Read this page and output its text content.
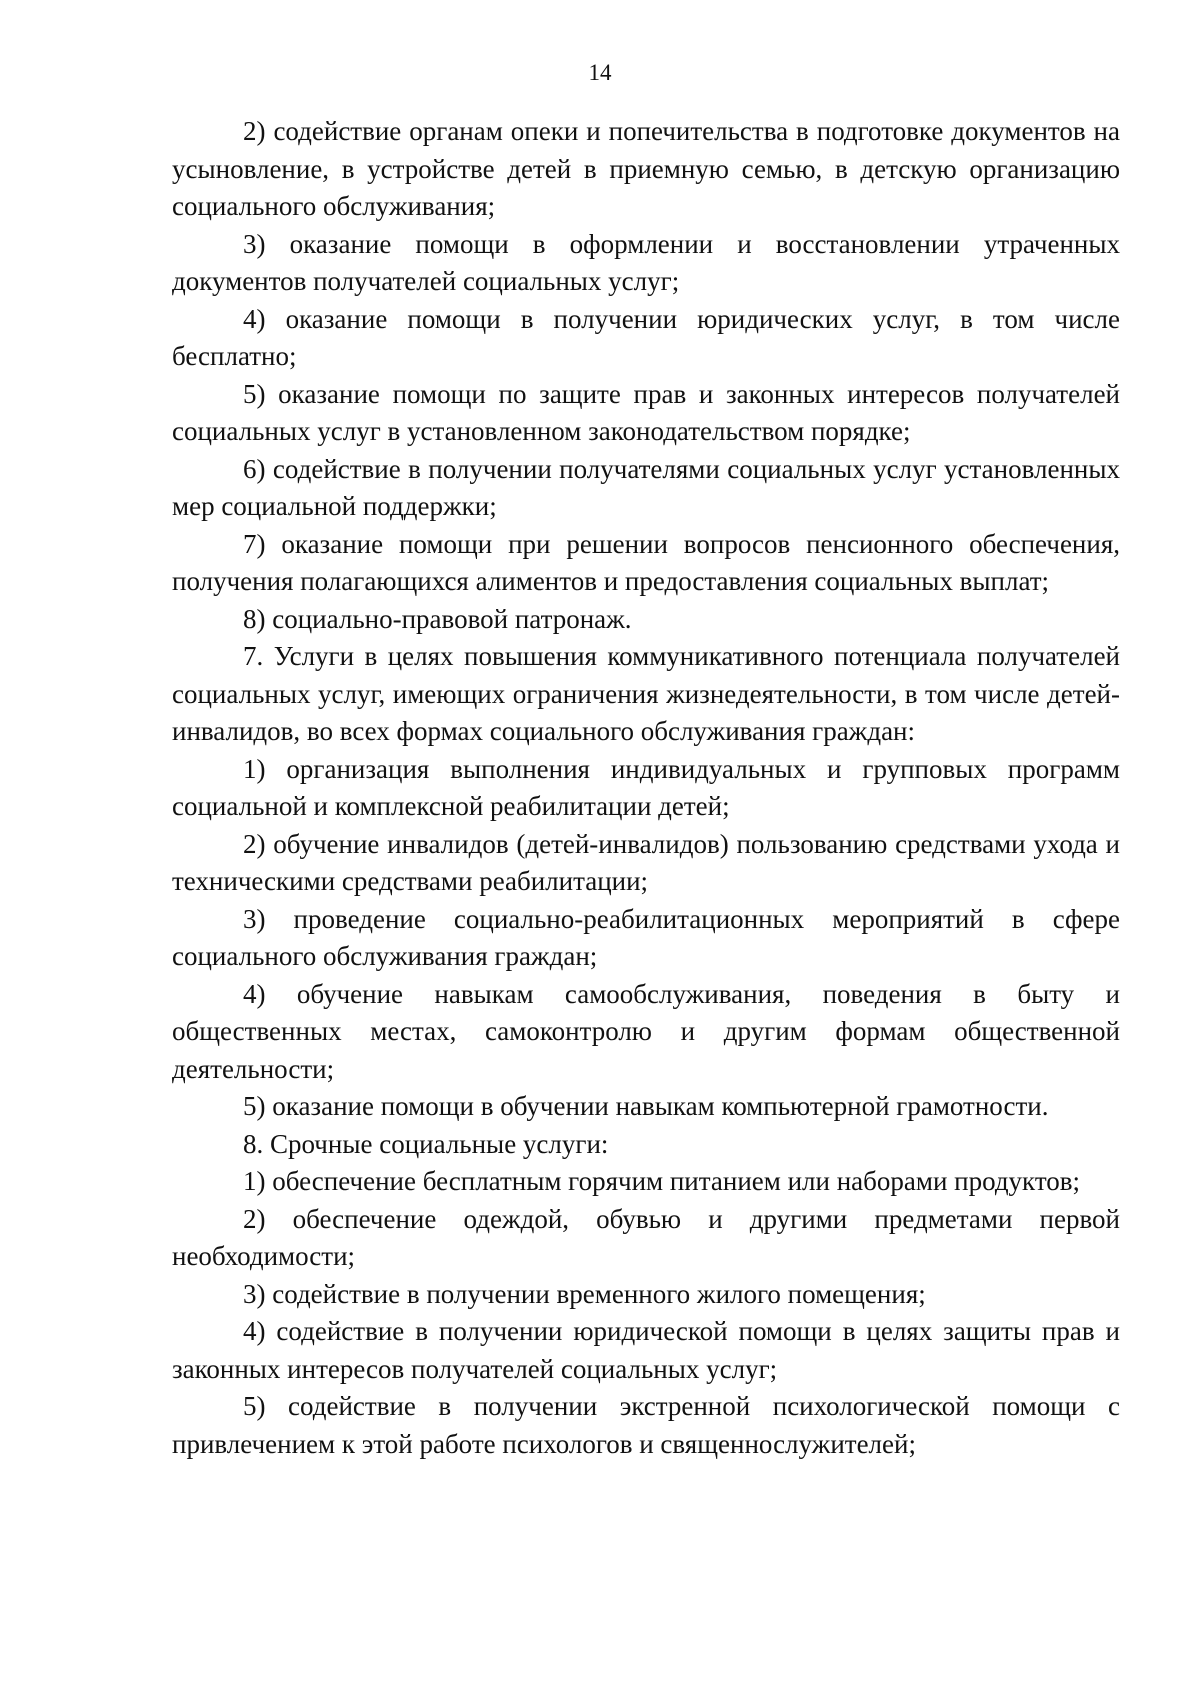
14

2) содействие органам опеки и попечительства в подготовке документов на усыновление, в устройстве детей в приемную семью, в детскую организацию социального обслуживания;

3) оказание помощи в оформлении и восстановлении утраченных документов получателей социальных услуг;

4) оказание помощи в получении юридических услуг, в том числе бесплатно;

5) оказание помощи по защите прав и законных интересов получателей социальных услуг в установленном законодательством порядке;

6) содействие в получении получателями социальных услуг установленных мер социальной поддержки;

7) оказание помощи при решении вопросов пенсионного обеспечения, получения полагающихся алиментов и предоставления социальных выплат;

8) социально-правовой патронаж.

7. Услуги в целях повышения коммуникативного потенциала получателей социальных услуг, имеющих ограничения жизнедеятельности, в том числе детей-инвалидов, во всех формах социального обслуживания граждан:

1) организация выполнения индивидуальных и групповых программ социальной и комплексной реабилитации детей;

2) обучение инвалидов (детей-инвалидов) пользованию средствами ухода и техническими средствами реабилитации;

3) проведение социально-реабилитационных мероприятий в сфере социального обслуживания граждан;

4) обучение навыкам самообслуживания, поведения в быту и общественных местах, самоконтролю и другим формам общественной деятельности;

5) оказание помощи в обучении навыкам компьютерной грамотности.

8. Срочные социальные услуги:

1) обеспечение бесплатным горячим питанием или наборами продуктов;

2) обеспечение одеждой, обувью и другими предметами первой необходимости;

3) содействие в получении временного жилого помещения;

4) содействие в получении юридической помощи в целях защиты прав и законных интересов получателей социальных услуг;

5) содействие в получении экстренной психологической помощи с привлечением к этой работе психологов и священнослужителей;
